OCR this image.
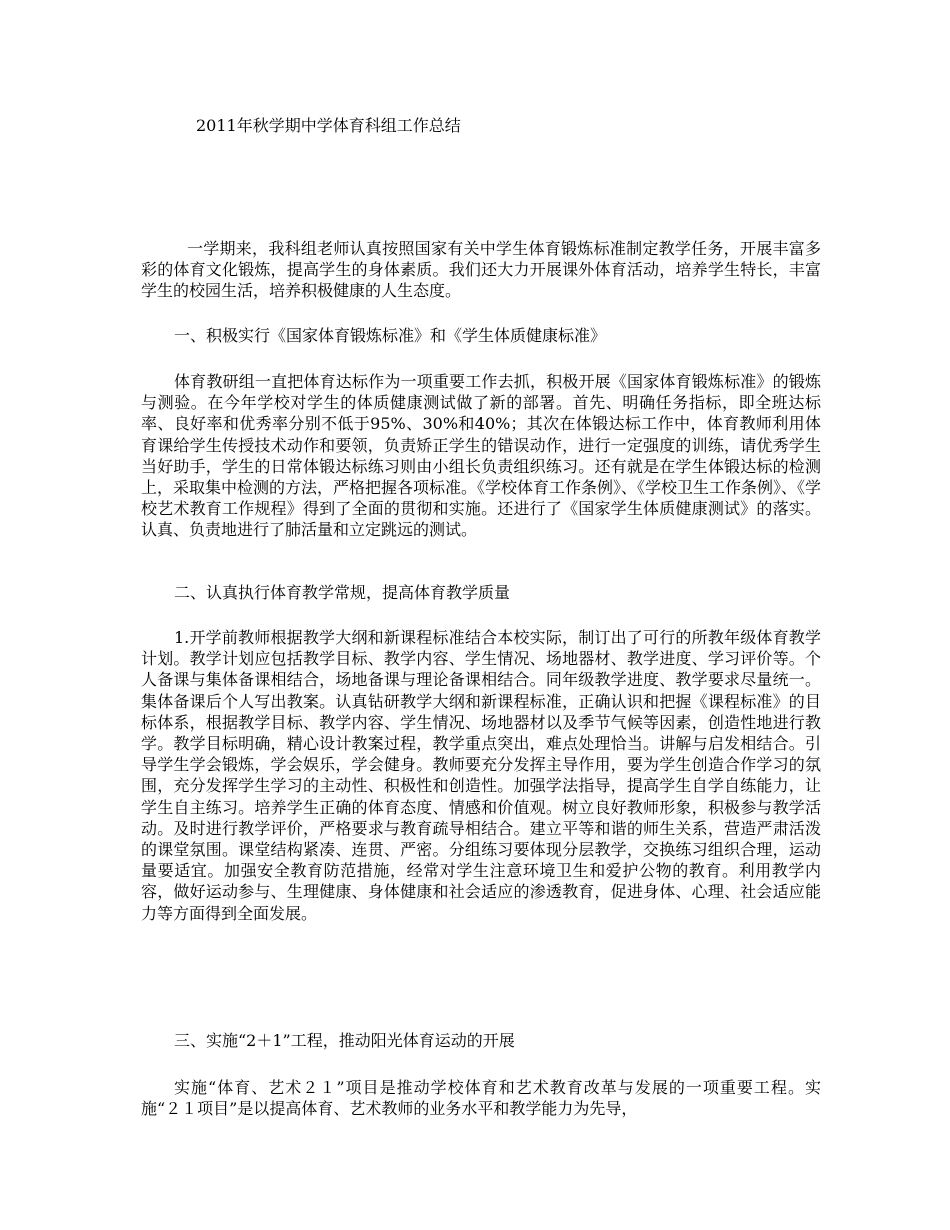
2011年秋学期中学体育科组工作总结

一学期来，我科组老师认真按照国家有关中学生体育锻炼标准制定教学任务，开展丰富多彩的体育文化锻炼，提高学生的身体素质。我们还大力开展课外体育活动，培养学生特长，丰富学生的校园生活，培养积极健康的人生态度。

一、积极实行《国家体育锻炼标准》和《学生体质健康标准》

体育教研组一直把体育达标作为一项重要工作去抓，积极开展《国家体育锻炼标准》的锻炼与测验。在今年学校对学生的体质健康测试做了新的部署。首先、明确任务指标，即全班达标率、良好率和优秀率分别不低于95%、30%和40%；其次在体锻达标工作中，体育教师利用体育课给学生传授技术动作和要领，负责矫正学生的错误动作，进行一定强度的训练，请优秀学生当好助手，学生的日常体锻达标练习则由小组长负责组织练习。还有就是在学生体锻达标的检测上，采取集中检测的方法，严格把握各项标准。《学校体育工作条例》、《学校卫生工作条例》、《学校艺术教育工作规程》得到了全面的贯彻和实施。还进行了《国家学生体质健康测试》的落实。认真、负责地进行了肺活量和立定跳远的测试。

二、认真执行体育教学常规，提高体育教学质量

1.开学前教师根据教学大纲和新课程标准结合本校实际，制订出了可行的所教年级体育教学计划。教学计划应包括教学目标、教学内容、学生情况、场地器材、教学进度、学习评价等。个人备课与集体备课相结合，场地备课与理论备课相结合。同年级教学进度、教学要求尽量统一。集体备课后个人写出教案。认真钻研教学大纲和新课程标准，正确认识和把握《课程标准》的目标体系，根据教学目标、教学内容、学生情况、场地器材以及季节气候等因素，创造性地进行教学。教学目标明确，精心设计教案过程，教学重点突出，难点处理恰当。讲解与启发相结合。引导学生学会锻炼，学会娱乐，学会健身。教师要充分发挥主导作用，要为学生创造合作学习的氛围，充分发挥学生学习的主动性、积极性和创造性。加强学法指导，提高学生自学自练能力，让学生自主练习。培养学生正确的体育态度、情感和价值观。树立良好教师形象，积极参与教学活动。及时进行教学评价，严格要求与教育疏导相结合。建立平等和谐的师生关系，营造严肃活泼的课堂氛围。课堂结构紧凑、连贯、严密。分组练习要体现分层教学，交换练习组织合理，运动量要适宜。加强安全教育防范措施，经常对学生注意环境卫生和爱护公物的教育。利用教学内容，做好运动参与、生理健康、身体健康和社会适应的渗透教育，促进身体、心理、社会适应能力等方面得到全面发展。

三、实施“2＋1”工程，推动阳光体育运动的开展

实施“体育、艺术２１”项目是推动学校体育和艺术教育改革与发展的一项重要工程。实施“２１项目”是以提高体育、艺术教师的业务水平和教学能力为先导，
